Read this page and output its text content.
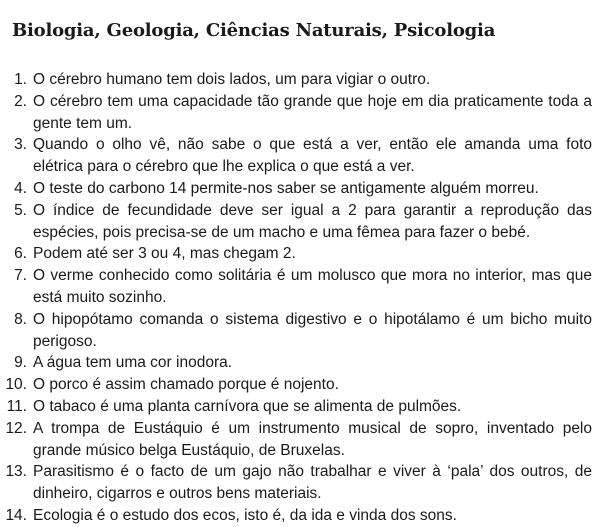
Biologia, Geologia, Ciências Naturais, Psicologia
1. O cérebro humano tem dois lados, um para vigiar o outro.
2. O cérebro tem uma capacidade tão grande que hoje em dia praticamente toda a gente tem um.
3. Quando o olho vê, não sabe o que está a ver, então ele amanda uma foto elétrica para o cérebro que lhe explica o que está a ver.
4. O teste do carbono 14 permite-nos saber se antigamente alguém morreu.
5. O índice de fecundidade deve ser igual a 2 para garantir a reprodução das espécies, pois precisa-se de um macho e uma fêmea para fazer o bebé.
6. Podem até ser 3 ou 4, mas chegam 2.
7. O verme conhecido como solitária é um molusco que mora no interior, mas que está muito sozinho.
8. O hipopótamo comanda o sistema digestivo e o hipotálamo é um bicho muito perigoso.
9. A água tem uma cor inodora.
10. O porco é assim chamado porque é nojento.
11. O tabaco é uma planta carnívora que se alimenta de pulmões.
12. A trompa de Eustáquio é um instrumento musical de sopro, inventado pelo grande músico belga Eustáquio, de Bruxelas.
13. Parasitismo é o facto de um gajo não trabalhar e viver à ‘pala’ dos outros, de dinheiro, cigarros e outros bens materiais.
14. Ecologia é o estudo dos ecos, isto é, da ida e vinda dos sons.
